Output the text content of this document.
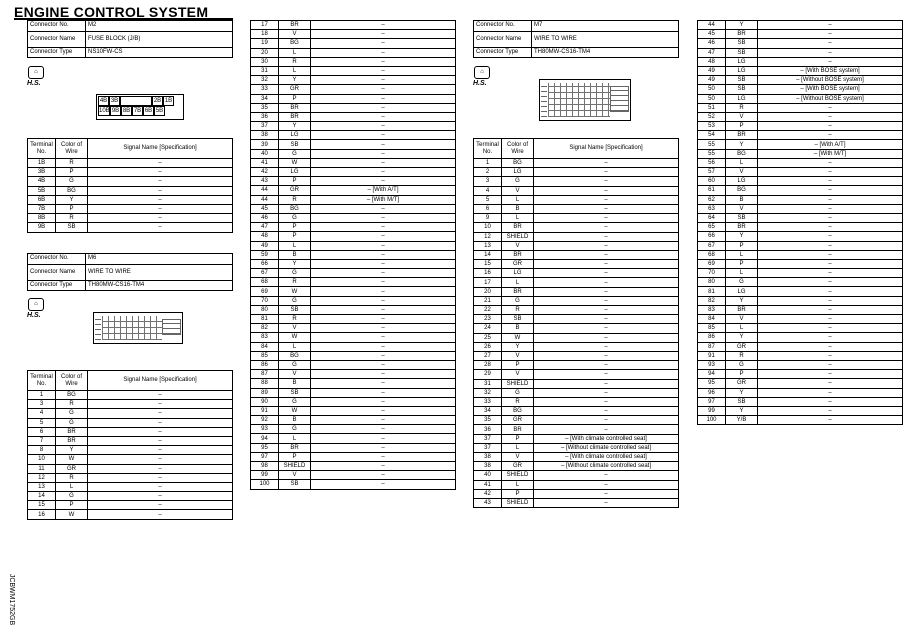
ENGINE CONTROL SYSTEM
JCBWM1752GB
Connector No.	M2
Connector Name	FUSE BLOCK (J/B)
Connector Type	NS10FW-CS
⌂
H.S.
4B 3B	2B 1B
10B 9B 8B 7B 6B 5B
Terminal No.	Color of Wire	Signal Name [Specification]
1B	R	–
3B	P	–
4B	G	–
5B	BG	–
6B	Y	–
7B	P	–
8B	R	–
9B	SB	–
Connector No.	M6
Connector Name	WIRE TO WIRE
Connector Type	TH80MW-CS16-TM4
⌂
H.S.
Terminal No.	Color of Wire	Signal Name [Specification]
1	BG	–
3	R	–
4	G	–
5	G	–
6	BR	–
7	BR	–
8	Y	–
10	W	–
11	GR	–
12	R	–
13	L	–
14	G	–
15	P	–
16	W	–
17	BR	–
18	V	–
19	BG	–
20	L	–
30	R	–
31	L	–
32	Y	–
33	GR	–
34	P	–
35	BR	–
36	BR	–
37	Y	–
38	LG	–
39	SB	–
40	G	–
41	W	–
42	LG	–
43	P	–
44	GR	– [With A/T]
44	R	– [With M/T]
45	BG	–
46	G	–
47	P	–
48	P	–
49	L	–
59	B	–
66	Y	–
67	G	–
68	R	–
69	W	–
70	G	–
80	SB	–
81	R	–
82	V	–
83	W	–
84	L	–
85	BG	–
86	G	–
87	V	–
88	B	–
89	SB	–
90	G	–
91	W	–
92	B	–
93	G	–
94	L	–
95	BR	–
97	P	–
98	SHIELD	–
99	V	–
100	SB	–
Connector No.	M7
Connector Name	WIRE TO WIRE
Connector Type	TH80MW-CS16-TM4
⌂
H.S.
Terminal No.	Color of Wire	Signal Name [Specification]
1	BG	–
2	LG	–
3	G	–
4	V	–
5	L	–
6	B	–
9	L	–
10	BR	–
12	SHIELD	–
13	V	–
14	BR	–
15	GR	–
16	LG	–
17	L	–
20	BR	–
21	G	–
22	R	–
23	SB	–
24	B	–
25	W	–
26	Y	–
27	V	–
28	P	–
29	V	–
31	SHIELD	–
32	G	–
33	R	–
34	BG	–
35	GR	–
36	BR	–
37	P	– [With climate controlled seat]
37	L	– [Without climate controlled seat]
38	V	– [With climate controlled seat]
38	GR	– [Without climate controlled seat]
40	SHIELD	–
41	L	–
42	P	–
43	SHIELD	–
44	Y	–
45	BR	–
46	SB	–
47	SB	–
48	LG	–
49	LG	– [With BOSE system]
49	SB	– [Without BOSE system]
50	SB	– [With BOSE system]
50	LG	– [Without BOSE system]
51	R	–
52	V	–
53	P	–
54	BR	–
55	Y	– [With A/T]
55	BG	– [With M/T]
56	L	–
57	V	–
60	LG	–
61	BG	–
62	B	–
63	V	–
64	SB	–
65	BR	–
66	Y	–
67	P	–
68	L	–
69	P	–
70	L	–
80	G	–
81	LG	–
82	Y	–
83	BR	–
84	V	–
85	L	–
86	Y	–
87	GR	–
91	R	–
93	G	–
94	P	–
95	GR	–
96	Y	–
97	SB	–
99	Y	–
100	Y/B	–
